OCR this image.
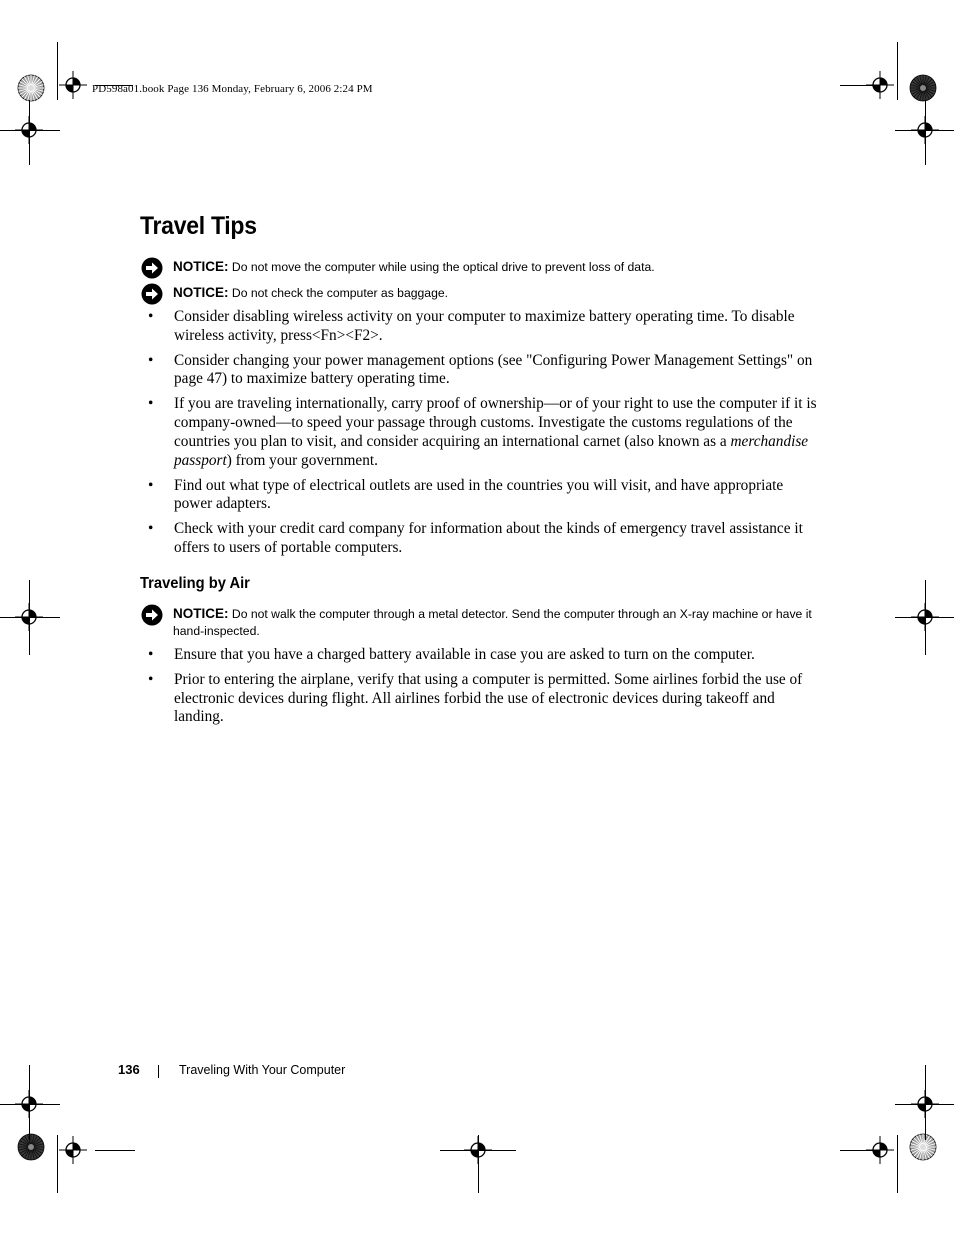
PD598a01.book Page 136 Monday, February 6, 2006 2:24 PM
Travel Tips
NOTICE: Do not move the computer while using the optical drive to prevent loss of data.
NOTICE: Do not check the computer as baggage.
• Consider disabling wireless activity on your computer to maximize battery operating time. To disable wireless activity, press<Fn><F2>.
• Consider changing your power management options (see "Configuring Power Management Settings" on page 47) to maximize battery operating time.
• If you are traveling internationally, carry proof of ownership—or of your right to use the computer if it is company-owned—to speed your passage through customs. Investigate the customs regulations of the countries you plan to visit, and consider acquiring an international carnet (also known as a merchandise passport) from your government.
• Find out what type of electrical outlets are used in the countries you will visit, and have appropriate power adapters.
• Check with your credit card company for information about the kinds of emergency travel assistance it offers to users of portable computers.
Traveling by Air
NOTICE: Do not walk the computer through a metal detector. Send the computer through an X-ray machine or have it hand-inspected.
• Ensure that you have a charged battery available in case you are asked to turn on the computer.
• Prior to entering the airplane, verify that using a computer is permitted. Some airlines forbid the use of electronic devices during flight. All airlines forbid the use of electronic devices during takeoff and landing.
136	Traveling With Your Computer
